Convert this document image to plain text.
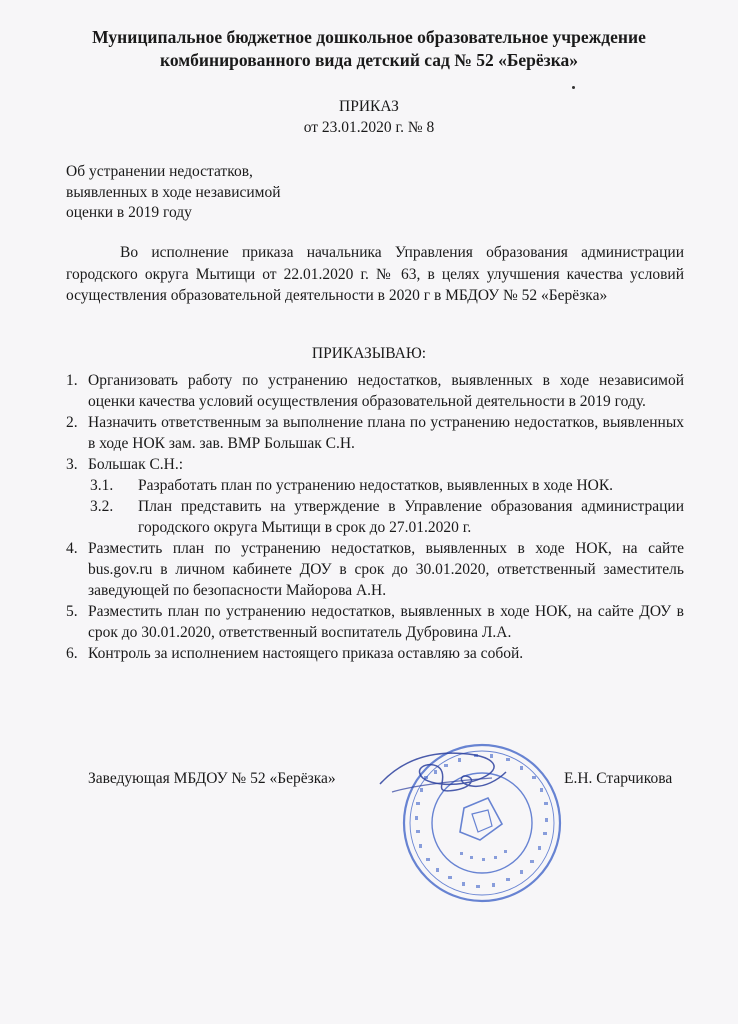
Муниципальное бюджетное дошкольное образовательное учреждение
комбинированного вида детский сад № 52 «Берёзка»
ПРИКАЗ
от 23.01.2020 г. № 8
Об устранении недостатков,
выявленных в ходе независимой
оценки в 2019 году
Во исполнение приказа начальника Управления образования администрации городского округа Мытищи от 22.01.2020 г. № 63, в целях улучшения качества условий осуществления образовательной деятельности в 2020 г в МБДОУ № 52 «Берёзка»
ПРИКАЗЫВАЮ:
1. Организовать работу по устранению недостатков, выявленных в ходе независимой оценки качества условий осуществления образовательной деятельности в 2019 году.
2. Назначить ответственным за выполнение плана по устранению недостатков, выявленных в ходе НОК зам. зав. ВМР Большак С.Н.
3. Большак С.Н.:
3.1. Разработать план по устранению недостатков, выявленных в ходе НОК.
3.2. План представить на утверждение в Управление образования администрации городского округа Мытищи в срок до 27.01.2020 г.
4. Разместить план по устранению недостатков, выявленных в ходе НОК, на сайте bus.gov.ru в личном кабинете ДОУ в срок до 30.01.2020, ответственный заместитель заведующей по безопасности Майорова А.Н.
5. Разместить план по устранению недостатков, выявленных в ходе НОК, на сайте ДОУ в срок до 30.01.2020, ответственный воспитатель Дубровина Л.А.
6. Контроль за исполнением настоящего приказа оставляю за собой.
Заведующая МБДОУ № 52 «Берёзка»	Е.Н. Старчикова
